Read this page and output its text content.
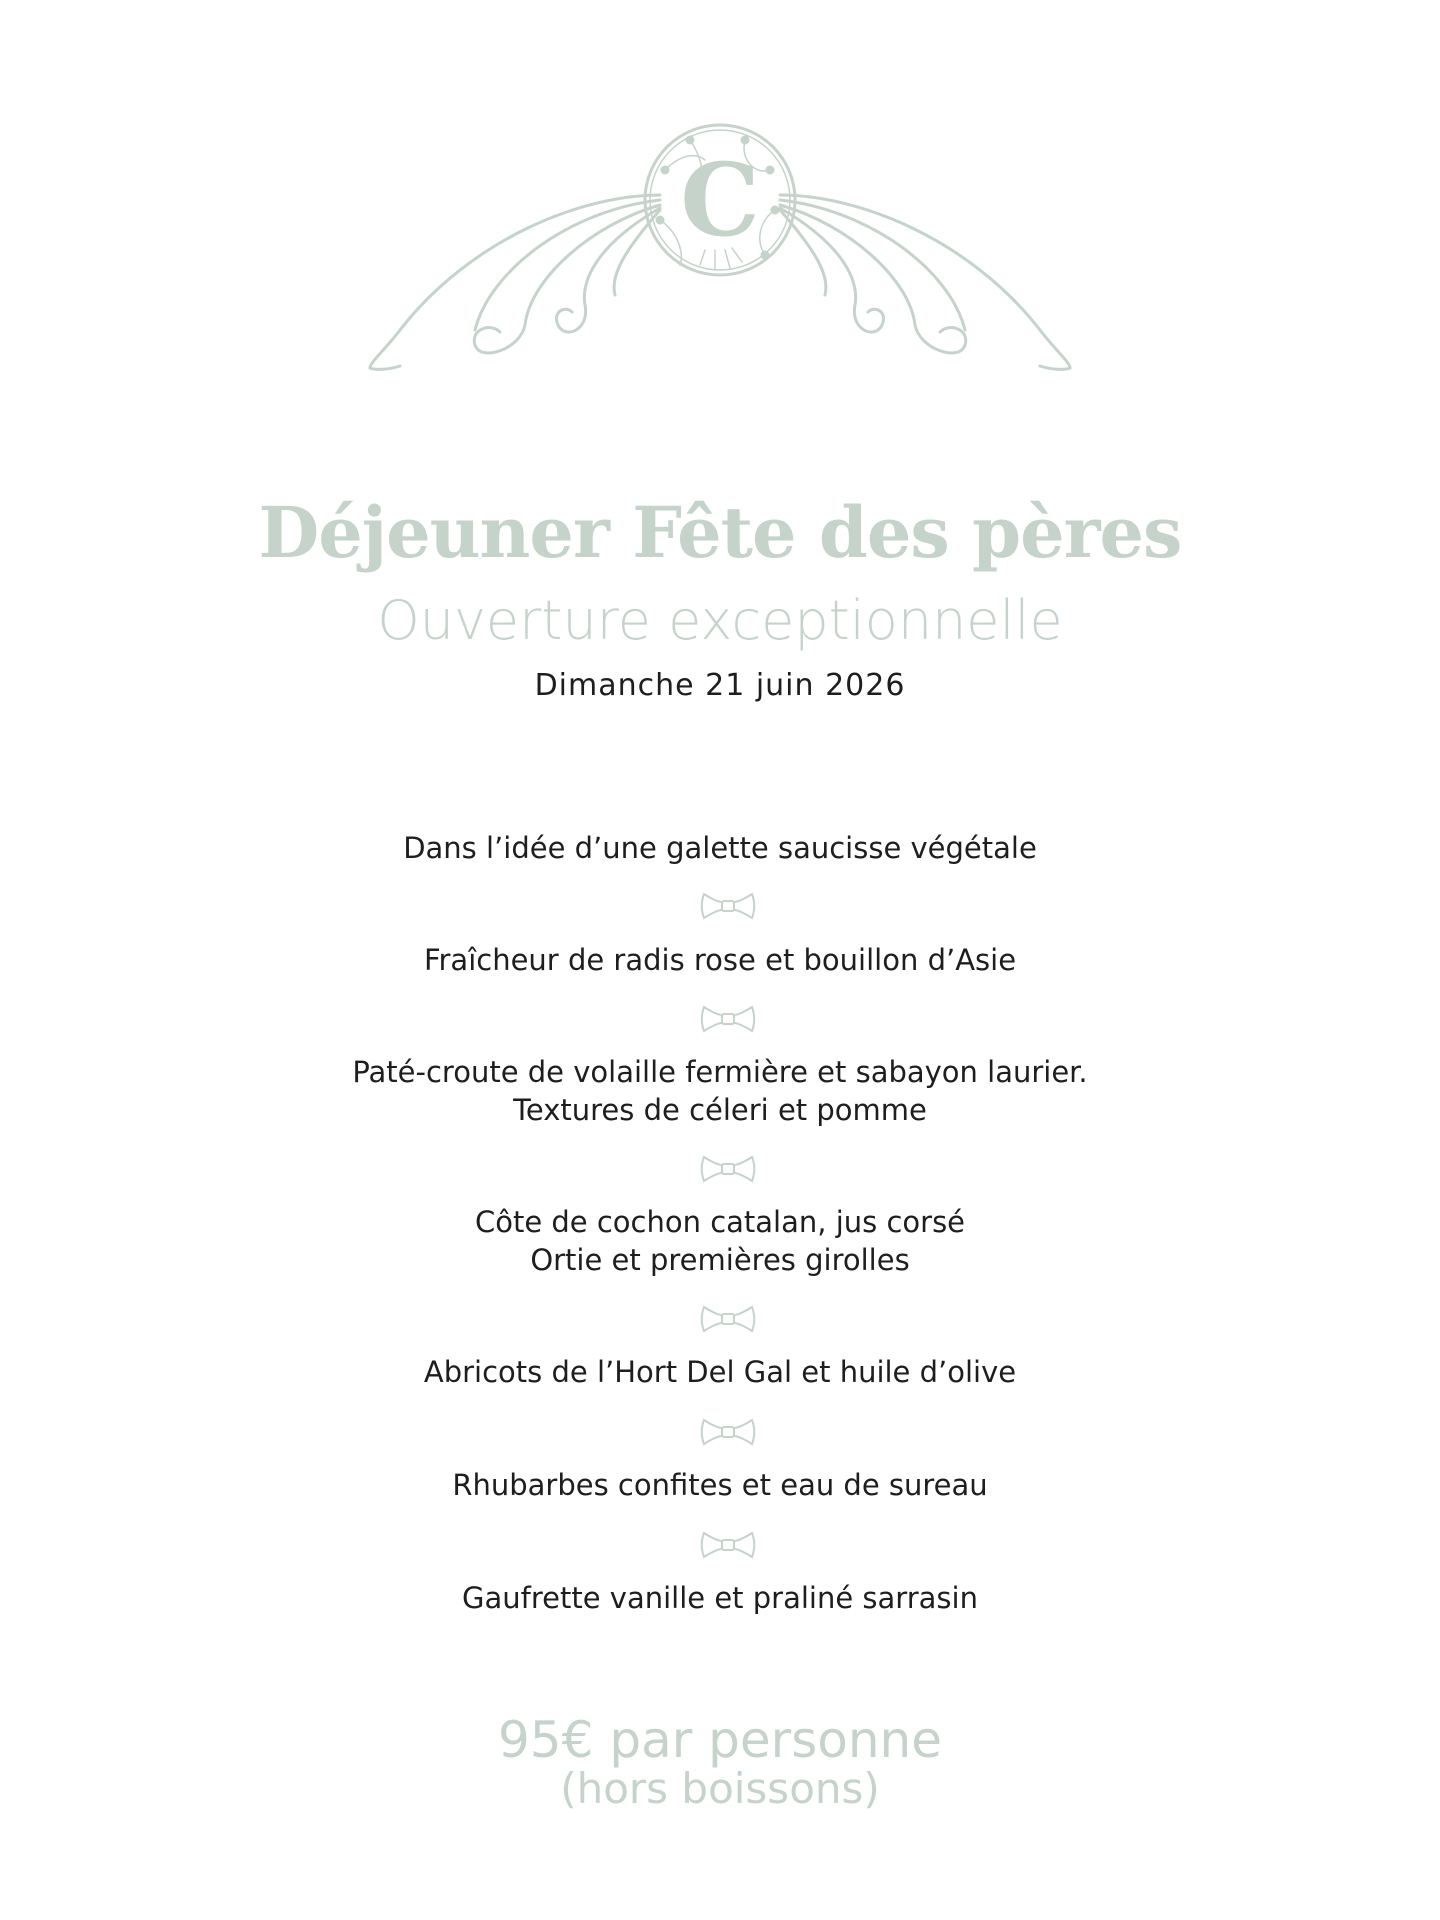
C
Déjeuner Fête des pères
Ouverture exceptionnelle
Dimanche 21 juin 2026
Dans l’idée d’une galette saucisse végétale
Fraîcheur de radis rose et bouillon d’Asie
Paté-croute de volaille fermière et sabayon laurier.
Textures de céleri et pomme
Côte de cochon catalan, jus corsé
Ortie et premières girolles
Abricots de l’Hort Del Gal et huile d’olive
Rhubarbes confites et eau de sureau
Gaufrette vanille et praliné sarrasin
95€ par personne
(hors boissons)
